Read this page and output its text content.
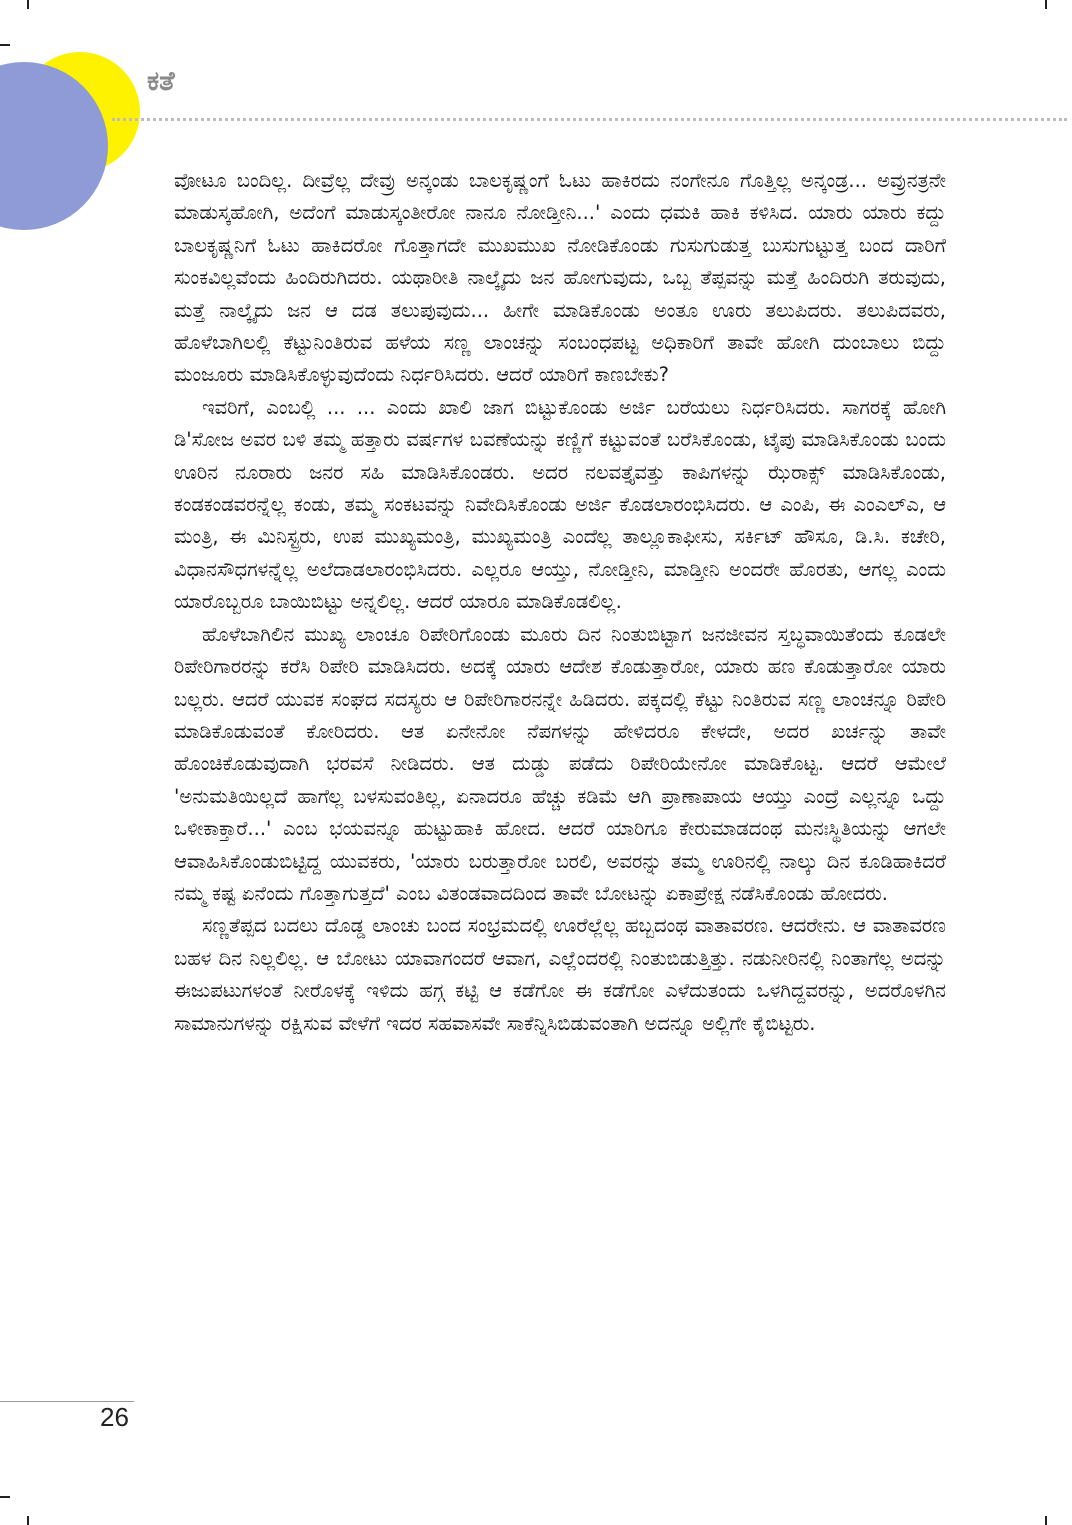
ಕತೆ

ವೋಟೂ ಬಂದಿಲ್ಲ. ದೀವ್ರೆಲ್ಲ ದೇವ್ರು ಅನ್ಕಂಡು ಬಾಲಕೃಷ್ಣಂಗೆ ಓಟು ಹಾಕಿರದು ನಂಗೇನೂ ಗೊತ್ತಿಲ್ಲ ಅನ್ಕಂಡ್ರ... ಅವ್ರುನತ್ರನೇ ಮಾಡುಸ್ಕಹೋಗಿ, ಅದೆಂಗೆ ಮಾಡುಸ್ಕಂತೀರೋ ನಾನೂ ನೋಡ್ತೀನಿ...' ಎಂದು ಧಮಕಿ ಹಾಕಿ ಕಳಿಸಿದ. ಯಾರು ಯಾರು ಕದ್ದು ಬಾಲಕೃಷ್ಣನಿಗೆ ಓಟು ಹಾಕಿದರೋ ಗೊತ್ತಾಗದೇ ಮುಖಮುಖ ನೋಡಿಕೊಂಡು ಗುಸುಗುಡುತ್ತ ಬುಸುಗುಟ್ಟುತ್ತ ಬಂದ ದಾರಿಗೆ ಸುಂಕವಿಲ್ಲವೆಂದು ಹಿಂದಿರುಗಿದರು. ಯಥಾರೀತಿ ನಾಲ್ಕೈದು ಜನ ಹೋಗುವುದು, ಒಬ್ಬ ತೆಪ್ಪವನ್ನು ಮತ್ತೆ ಹಿಂದಿರುಗಿ ತರುವುದು, ಮತ್ತೆ ನಾಲ್ಕೈದು ಜನ ಆ ದಡ ತಲುಪುವುದು... ಹೀಗೇ ಮಾಡಿಕೊಂಡು ಅಂತೂ ಊರು ತಲುಪಿದರು. ತಲುಪಿದವರು, ಹೊಳೆಬಾಗಿಲಲ್ಲಿ ಕೆಟ್ಟುನಿಂತಿರುವ ಹಳೆಯ ಸಣ್ಣ ಲಾಂಚನ್ನು ಸಂಬಂಧಪಟ್ಟ ಅಧಿಕಾರಿಗೆ ತಾವೇ ಹೋಗಿ ದುಂಬಾಲು ಬಿದ್ದು ಮಂಜೂರು ಮಾಡಿಸಿಕೊಳ್ಳುವುದೆಂದು ನಿರ್ಧರಿಸಿದರು. ಆದರೆ ಯಾರಿಗೆ ಕಾಣಬೇಕು?

ಇವರಿಗೆ, ಎಂಬಲ್ಲಿ ... ... ಎಂದು ಖಾಲಿ ಜಾಗ ಬಿಟ್ಟುಕೊಂಡು ಅರ್ಜಿ ಬರೆಯಲು ನಿರ್ಧರಿಸಿದರು. ಸಾಗರಕ್ಕೆ ಹೋಗಿ ಡಿ'ಸೋಜ ಅವರ ಬಳಿ ತಮ್ಮ ಹತ್ತಾರು ವರ್ಷಗಳ ಬವಣೆಯನ್ನು ಕಣ್ಣಿಗೆ ಕಟ್ಟುವಂತೆ ಬರೆಸಿಕೊಂಡು, ಟೈಪು ಮಾಡಿಸಿಕೊಂಡು ಬಂದು ಊರಿನ ನೂರಾರು ಜನರ ಸಹಿ ಮಾಡಿಸಿಕೊಂಡರು. ಅದರ ನಲವತ್ತೈವತ್ತು ಕಾಪಿಗಳನ್ನು ಝೆರಾಕ್ಸ್ ಮಾಡಿಸಿಕೊಂಡು, ಕಂಡಕಂಡವರನ್ನೆಲ್ಲ ಕಂಡು, ತಮ್ಮ ಸಂಕಟವನ್ನು ನಿವೇದಿಸಿಕೊಂಡು ಅರ್ಜಿ ಕೊಡಲಾರಂಭಿಸಿದರು. ಆ ಎಂಪಿ, ಈ ಎಂಎಲ್ಎ, ಆ ಮಂತ್ರಿ, ಈ ಮಿನಿಸ್ಟ್ರರು, ಉಪ ಮುಖ್ಯಮಂತ್ರಿ, ಮುಖ್ಯಮಂತ್ರಿ ಎಂದೆಲ್ಲ ತಾಲ್ಲೂಕಾಫೀಸು, ಸರ್ಕಿಟ್ ಹೌಸೂ, ಡಿ.ಸಿ. ಕಚೇರಿ, ವಿಧಾನಸೌಧಗಳನ್ನೆಲ್ಲ ಅಲೆದಾಡಲಾರಂಭಿಸಿದರು. ಎಲ್ಲರೂ ಆಯ್ತು, ನೋಡ್ತೀನಿ, ಮಾಡ್ತೀನಿ ಅಂದರೇ ಹೊರತು, ಆಗಲ್ಲ ಎಂದು ಯಾರೊಬ್ಬರೂ ಬಾಯಿಬಿಟ್ಟು ಅನ್ನಲಿಲ್ಲ. ಆದರೆ ಯಾರೂ ಮಾಡಿಕೊಡಲಿಲ್ಲ.

ಹೊಳೆಬಾಗಿಲಿನ ಮುಖ್ಯ ಲಾಂಚೂ ರಿಪೇರಿಗೊಂಡು ಮೂರು ದಿನ ನಿಂತುಬಿಟ್ಟಾಗ ಜನಜೀವನ ಸ್ತಬ್ಧವಾಯಿತೆಂದು ಕೂಡಲೇ ರಿಪೇರಿಗಾರರನ್ನು ಕರೆಸಿ ರಿಪೇರಿ ಮಾಡಿಸಿದರು. ಅದಕ್ಕೆ ಯಾರು ಆದೇಶ ಕೊಡುತ್ತಾರೋ, ಯಾರು ಹಣ ಕೊಡುತ್ತಾರೋ ಯಾರು ಬಲ್ಲರು. ಆದರೆ ಯುವಕ ಸಂಘದ ಸದಸ್ಯರು ಆ ರಿಪೇರಿಗಾರನನ್ನೇ ಹಿಡಿದರು. ಪಕ್ಕದಲ್ಲಿ ಕೆಟ್ಟು ನಿಂತಿರುವ ಸಣ್ಣ ಲಾಂಚನ್ನೂ ರಿಪೇರಿ ಮಾಡಿಕೊಡುವಂತೆ ಕೋರಿದರು. ಆತ ಏನೇನೋ ನೆಪಗಳನ್ನು ಹೇಳಿದರೂ ಕೇಳದೇ, ಅದರ ಖರ್ಚನ್ನು ತಾವೇ ಹೊಂಚಿಕೊಡುವುದಾಗಿ ಭರವಸೆ ನೀಡಿದರು. ಆತ ದುಡ್ಡು ಪಡೆದು ರಿಪೇರಿಯೇನೋ ಮಾಡಿಕೊಟ್ಟ. ಆದರೆ ಆಮೇಲೆ 'ಅನುಮತಿಯಿಲ್ಲದೆ ಹಾಗೆಲ್ಲ ಬಳಸುವಂತಿಲ್ಲ, ಏನಾದರೂ ಹೆಚ್ಚು ಕಡಿಮೆ ಆಗಿ ಪ್ರಾಣಾಪಾಯ ಆಯ್ತು ಎಂದ್ರೆ ಎಲ್ಲನ್ನೂ ಒದ್ದು ಒಳೀಕಾಕ್ತಾರೆ...' ಎಂಬ ಭಯವನ್ನೂ ಹುಟ್ಟುಹಾಕಿ ಹೋದ. ಆದರೆ ಯಾರಿಗೂ ಕೇರುಮಾಡದಂಥ ಮನಃಸ್ಥಿತಿಯನ್ನು ಆಗಲೇ ಆವಾಹಿಸಿಕೊಂಡುಬಿಟ್ಟಿದ್ದ ಯುವಕರು, 'ಯಾರು ಬರುತ್ತಾರೋ ಬರಲಿ, ಅವರನ್ನು ತಮ್ಮ ಊರಿನಲ್ಲಿ ನಾಲ್ಕು ದಿನ ಕೂಡಿಹಾಕಿದರೆ ನಮ್ಮ ಕಷ್ಟ ಏನೆಂದು ಗೊತ್ತಾಗುತ್ತದೆ' ಎಂಬ ವಿತಂಡವಾದದಿಂದ ತಾವೇ ಬೋಟನ್ನು ಏಕಾಪ್ರೇಕ್ಷ ನಡೆಸಿಕೊಂಡು ಹೋದರು.

ಸಣ್ಣತೆಪ್ಪದ ಬದಲು ದೊಡ್ಡ ಲಾಂಚು ಬಂದ ಸಂಭ್ರಮದಲ್ಲಿ ಊರೆಲ್ಲೆಲ್ಲ ಹಬ್ಬದಂಥ ವಾತಾವರಣ. ಆದರೇನು. ಆ ವಾತಾವರಣ ಬಹಳ ದಿನ ನಿಲ್ಲಲಿಲ್ಲ. ಆ ಬೋಟು ಯಾವಾಗಂದರೆ ಆವಾಗ, ಎಲ್ಲೆಂದರಲ್ಲಿ ನಿಂತುಬಿಡುತ್ತಿತ್ತು. ನಡುನೀರಿನಲ್ಲಿ ನಿಂತಾಗೆಲ್ಲ ಅದನ್ನು ಈಜುಪಟುಗಳಂತೆ ನೀರೊಳಕ್ಕೆ ಇಳಿದು ಹಗ್ಗ ಕಟ್ಟಿ ಆ ಕಡೆಗೋ ಈ ಕಡೆಗೋ ಎಳೆದುತಂದು ಒಳಗಿದ್ದವರನ್ನು, ಅದರೊಳಗಿನ ಸಾಮಾನುಗಳನ್ನು ರಕ್ಷಿಸುವ ವೇಳೆಗೆ ಇದರ ಸಹವಾಸವೇ ಸಾಕೆನ್ನಿಸಿಬಿಡುವಂತಾಗಿ ಅದನ್ನೂ ಅಲ್ಲಿಗೇ ಕೈಬಿಟ್ಟರು.

26
